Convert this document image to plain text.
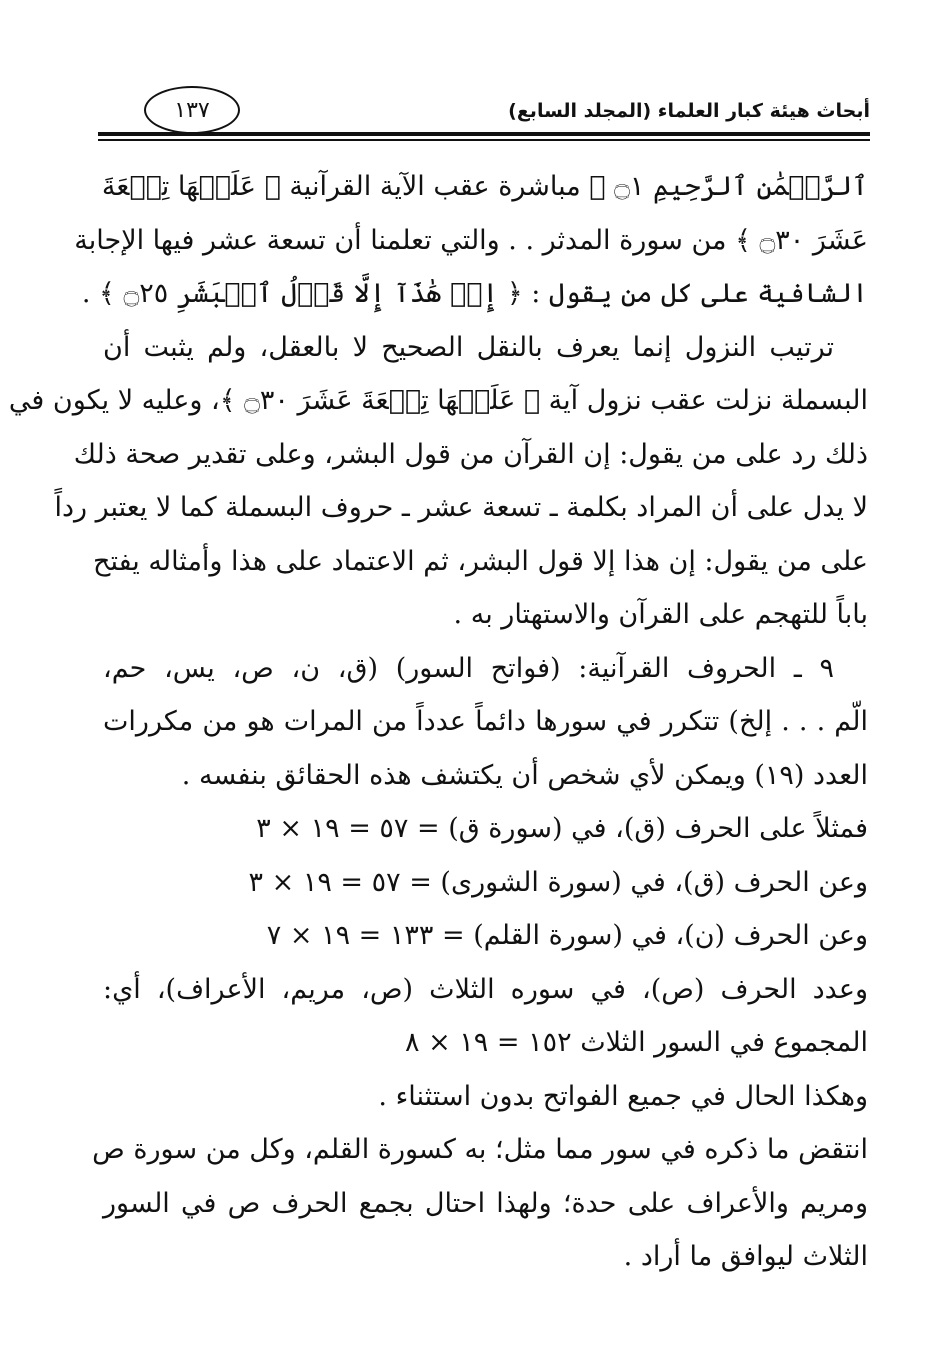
أبحاث هيئة كبار العلماء (المجلد السابع)
١٣٧
ٱلرَّحۡمَٰنِ ٱلرَّحِيمِ ۝١ ﴾ مباشرة عقب الآية القرآنية ﴿ عَلَيۡهَا تِسۡعَةَ
عَشَرَ ۝٣٠ ﴾ من سورة المدثر . . والتي تعلمنا أن تسعة عشر فيها الإجابة
الشافية على كل من يقول : ﴿ إِنۡ هَٰذَآ إِلَّا قَوۡلُ ٱلۡبَشَرِ ۝٢٥ ﴾ .
ترتيب النزول إنما يعرف بالنقل الصحيح لا بالعقل، ولم يثبت أن
البسملة نزلت عقب نزول آية ﴿ عَلَيۡهَا تِسۡعَةَ عَشَرَ ۝٣٠ ﴾، وعليه لا يكون في
ذلك رد على من يقول: إن القرآن من قول البشر، وعلى تقدير صحة ذلك
لا يدل على أن المراد بكلمة ـ تسعة عشر ـ حروف البسملة كما لا يعتبر رداً
على من يقول: إن هذا إلا قول البشر، ثم الاعتماد على هذا وأمثاله يفتح
باباً للتهجم على القرآن والاستهتار به .
٩ ـ الحروف القرآنية: (فواتح السور) (ق، ن، ص، يس، حم،
الّم . . . إلخ) تتكرر في سورها دائماً عدداً من المرات هو من مكررات
العدد (١٩) ويمكن لأي شخص أن يكتشف هذه الحقائق بنفسه .
فمثلاً على الحرف (ق)، في (سورة ق) = ٥٧ = ١٩ × ٣
وعن الحرف (ق)، في (سورة الشورى) = ٥٧ = ١٩ × ٣
وعن الحرف (ن)، في (سورة القلم) = ١٣٣ = ١٩ × ٧
وعدد الحرف (ص)، في سوره الثلاث (ص، مريم، الأعراف)، أي:
المجموع في السور الثلاث ١٥٢ = ١٩ × ٨
وهكذا الحال في جميع الفواتح بدون استثناء .
انتقض ما ذكره في سور مما مثل؛ به كسورة القلم، وكل من سورة ص
ومريم والأعراف على حدة؛ ولهذا احتال بجمع الحرف ص في السور
الثلاث ليوافق ما أراد .
